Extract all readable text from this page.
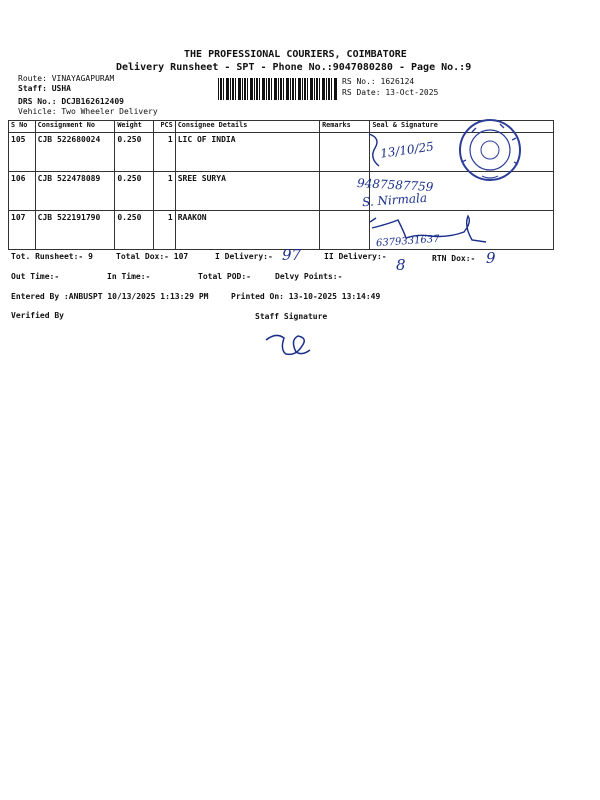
THE PROFESSIONAL COURIERS, COIMBATORE
Delivery Runsheet - SPT - Phone No.:9047080280 - Page No.:9
Route: VINAYAGAPURAM
Staff: USHA
DRS No.: DCJB162612409
Vehicle: Two Wheeler Delivery
RS No.: 1626124
RS Date: 13-Oct-2025
S No	Consignment No	Weight	PCS	Consignee Details	Remarks	Seal & Signature
105	CJB 522680024	0.250	1	LIC OF INDIA		
106	CJB 522478089	0.250	1	SREE SURYA		
107	CJB 522191790	0.250	1	RAAKON		
13/10/25
9487587759
S. Nirmala
6379331637
Tot. Runsheet:- 9	Total Dox:- 107	I Delivery:-	II Delivery:-	RTN Dox:-
97
8	9
Out Time:-	In Time:-	Total POD:-	Delvy Points:-
Entered By :ANBUSPT 10/13/2025 1:13:29 PM	Printed On: 13-10-2025 13:14:49
Verified By	Staff Signature
